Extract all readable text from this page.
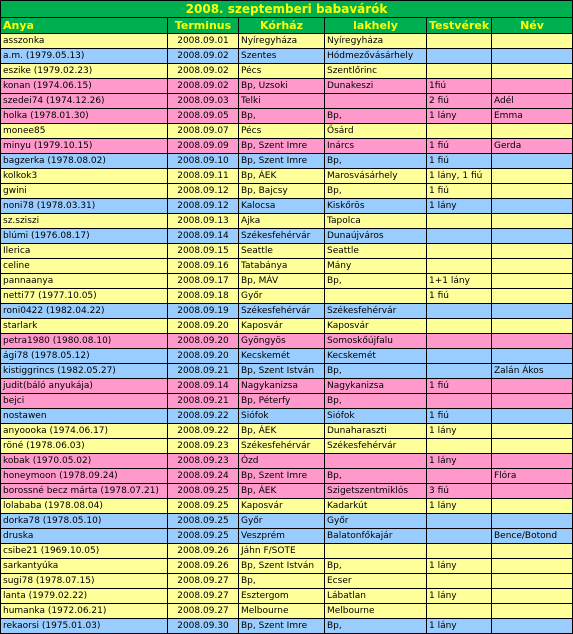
2008. szeptemberi babavárók					
Anya	Terminus	Kórház	lakhely	Testvérek	Név
asszonka	2008.09.01	Nyíregyháza	Nyíregyháza		
a.m. (1979.05.13)	2008.09.02	Szentes	Hódmezővásárhely		
eszike (1979.02.23)	2008.09.02	Pécs	Szentlőrinc		
konan (1974.06.15)	2008.09.02	Bp, Uzsoki	Dunakeszi	1fiú	
szedei74 (1974.12.26)	2008.09.03	Telki		2 fiú	Adél
holka (1978.01.30)	2008.09.05	Bp,	Bp,	1 lány	Emma
monee85	2008.09.07	Pécs	Ősárd		
minyu (1979.10.15)	2008.09.09	Bp, Szent Imre	Inárcs	1 fiú	Gerda
bagzerka (1978.08.02)	2008.09.10	Bp, Szent Imre	Bp,	1 fiú	
kolkok3	2008.09.11	Bp, ÁEK	Marosvásárhely	1 lány, 1 fiú	
gwini	2008.09.12	Bp, Bajcsy	Bp,	1 fiú	
noni78 (1978.03.31)	2008.09.12	Kalocsa	Kiskőrös	1 lány	
sz.sziszi	2008.09.13	Ajka	Tapolca		
blúmi (1976.08.17)	2008.09.14	Székesfehérvár	Dunaújváros		
Ilerica	2008.09.15	Seattle	Seattle		
celine	2008.09.16	Tatabánya	Mány		
pannaanya	2008.09.17	Bp, MÁV	Bp,	1+1 lány	
netti77 (1977.10.05)	2008.09.18	Győr		1 fiú	
roni0422 (1982.04.22)	2008.09.19	Székesfehérvár	Székesfehérvár		
starlark	2008.09.20	Kaposvár	Kaposvár		
petra1980 (1980.08.10)	2008.09.20	Gyöngyös	Somoskőújfalu		
ági78 (1978.05.12)	2008.09.20	Kecskemét	Kecskemét		
kistiggrincs (1982.05.27)	2008.09.21	Bp, Szent István	Bp,		Zalán Ákos
judit(báló anyukája)	2008.09.14	Nagykanizsa	Nagykanizsa	1 fiú	
bejci	2008.09.21	Bp, Péterfy	Bp,		
nostawen	2008.09.22	Siófok	Siófok	1 fiú	
anyoooka (1974.06.17)	2008.09.22	Bp, ÁEK	Dunaharaszti	1 lány	
röné (1978.06.03)	2008.09.23	Székesfehérvár	Székesfehérvár		
kobak (1970.05.02)	2008.09.23	Ózd		1 lány	
honeymoon (1978.09.24)	2008.09.24	Bp, Szent Imre	Bp,		Flóra
borossné becz márta (1978.07.21)	2008.09.25	Bp, ÁEK	Szigetszentmiklós	3 fiú	
lolababa (1978.08.04)	2008.09.25	Kaposvár	Kadarkút	1 lány	
dorka78 (1978.05.10)	2008.09.25	Győr	Győr		
druska	2008.09.25	Veszprém	Balatonfőkajár		Bence/Botond
csibe21 (1969.10.05)	2008.09.26	Jáhn F/SOTE			
sarkantyúka	2008.09.26	Bp, Szent István	Bp,	1 lány	
sugi78 (1978.07.15)	2008.09.27	Bp,	Ecser		
lanta (1979.02.22)	2008.09.27	Esztergom	Lábatlan	1 lány	
humanka (1972.06.21)	2008.09.27	Melbourne	Melbourne		
rekaorsi (1975.01.03)	2008.09.30	Bp, Szent Imre	Bp,	1 lány	
